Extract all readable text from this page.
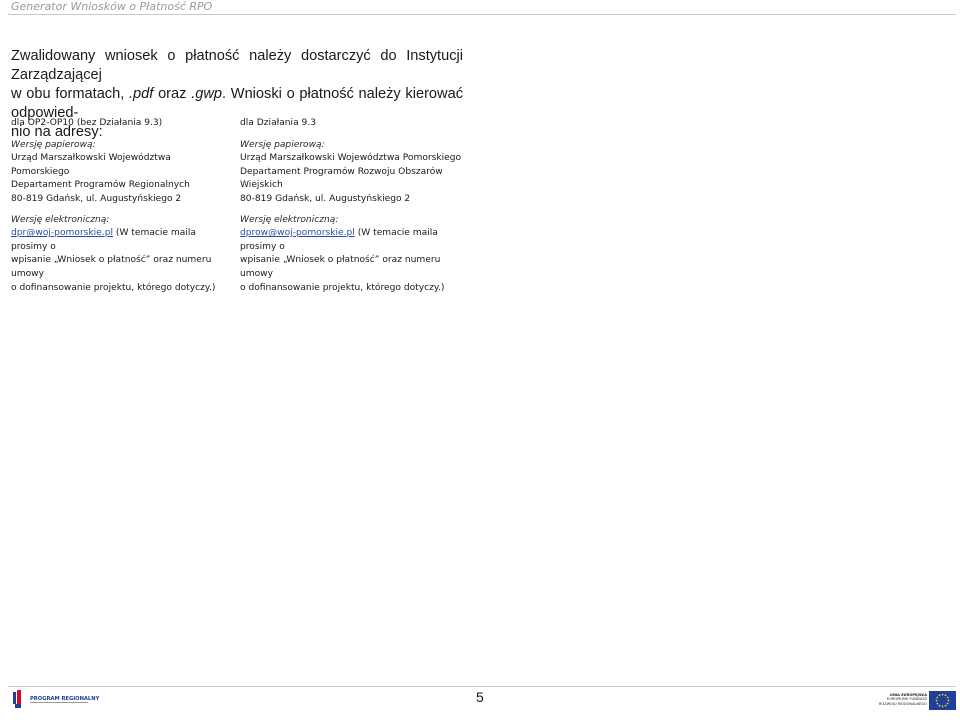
Generator Wniosków o Płatność RPO
Zwalidowany wniosek o płatność należy dostarczyć do Instytucji Zarządzającej
w obu formatach, .pdf oraz .gwp. Wnioski o płatność należy kierować odpowied-
nio na adresy:
dla OP2-OP10 (bez Działania 9.3)
Wersję papierową:
Urząd Marszałkowski Województwa Pomorskiego
Departament Programów Regionalnych
80-819 Gdańsk, ul. Augustyńskiego 2
Wersję elektroniczną:
dpr@woj-pomorskie.pl (W temacie maila prosimy o
wpisanie „Wniosek o płatność” oraz numeru umowy
o dofinansowanie projektu, którego dotyczy.)
dla Działania 9.3
Wersję papierową:
Urząd Marszałkowski Województwa Pomorskiego
Departament Programów Rozwoju Obszarów Wiejskich
80-819 Gdańsk, ul. Augustyńskiego 2
Wersję elektroniczną:
dprow@woj-pomorskie.pl (W temacie maila prosimy o
wpisanie „Wniosek o płatność” oraz numeru umowy
o dofinansowanie projektu, którego dotyczy.)
PROGRAM REGIONALNY	5	UNIA EUROPEJSKA
EUROPEJSKI FUNDUSZ
ROZWOJU REGIONALNEGO
